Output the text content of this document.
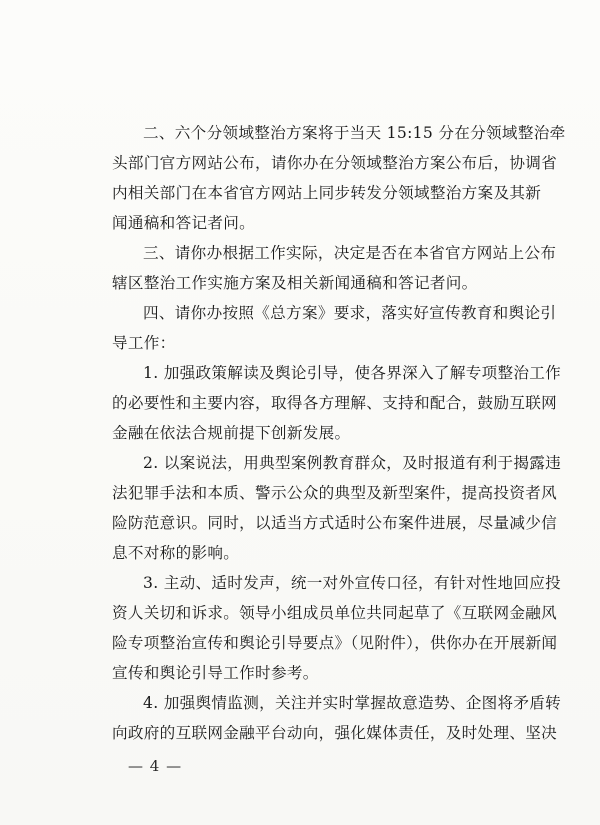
二、六个分领域整治方案将于当天 15:15 分在分领域整治牵
头部门官方网站公布，请你办在分领域整治方案公布后，协调省
内相关部门在本省官方网站上同步转发分领域整治方案及其新
闻通稿和答记者问。

三、请你办根据工作实际，决定是否在本省官方网站上公布
辖区整治工作实施方案及相关新闻通稿和答记者问。

四、请你办按照《总方案》要求，落实好宣传教育和舆论引
导工作：

1. 加强政策解读及舆论引导，使各界深入了解专项整治工作
的必要性和主要内容，取得各方理解、支持和配合，鼓励互联网
金融在依法合规前提下创新发展。

2. 以案说法，用典型案例教育群众，及时报道有利于揭露违
法犯罪手法和本质、警示公众的典型及新型案件，提高投资者风
险防范意识。同时，以适当方式适时公布案件进展，尽量减少信
息不对称的影响。

3. 主动、适时发声，统一对外宣传口径，有针对性地回应投
资人关切和诉求。领导小组成员单位共同起草了《互联网金融风
险专项整治宣传和舆论引导要点》（见附件），供你办在开展新闻
宣传和舆论引导工作时参考。

4. 加强舆情监测，关注并实时掌握故意造势、企图将矛盾转
向政府的互联网金融平台动向，强化媒体责任，及时处理、坚决

— 4 —
